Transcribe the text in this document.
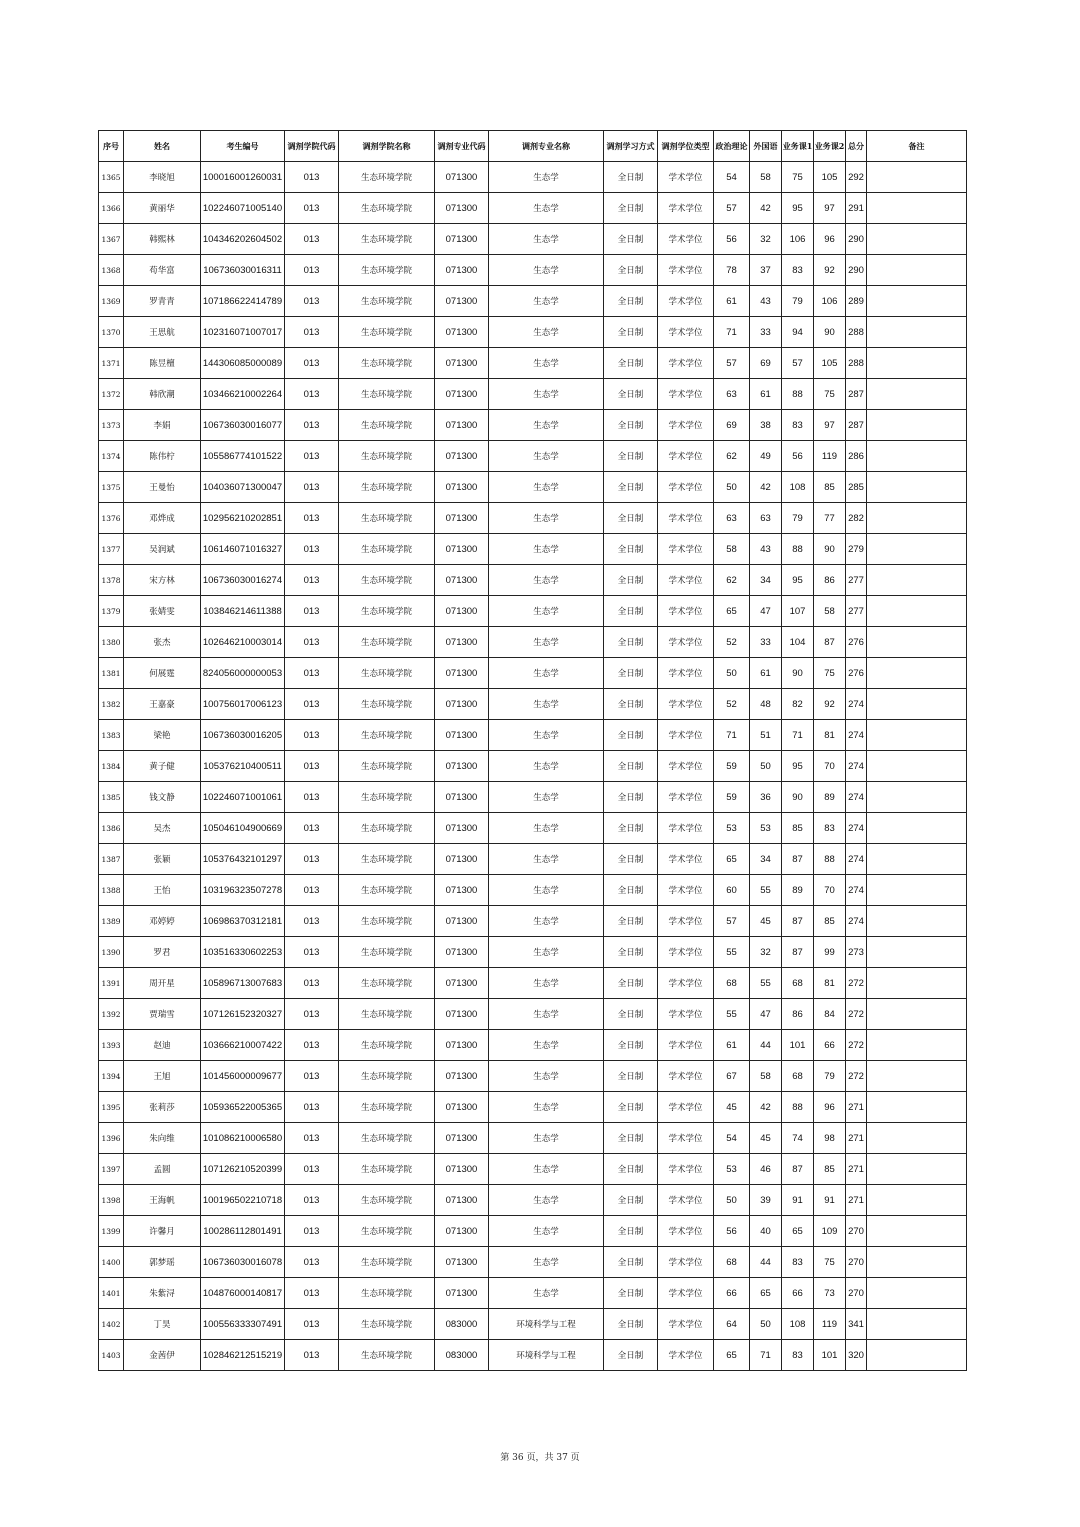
序号	姓名	考生编号	调剂学院代码	调剂学院名称	调剂专业代码	调剂专业名称	调剂学习方式	调剂学位类型	政治理论	外国语	业务课1	业务课2	总分	备注
1365	李晓旭	100016001260031	013	生态环境学院	071300	生态学	全日制	学术学位	54	58	75	105	292	
1366	黄丽华	102246071005140	013	生态环境学院	071300	生态学	全日制	学术学位	57	42	95	97	291	
1367	韩熙林	104346202604502	013	生态环境学院	071300	生态学	全日制	学术学位	56	32	106	96	290	
1368	苟华富	106736030016311	013	生态环境学院	071300	生态学	全日制	学术学位	78	37	83	92	290	
1369	罗青青	107186622414789	013	生态环境学院	071300	生态学	全日制	学术学位	61	43	79	106	289	
1370	王思航	102316071007017	013	生态环境学院	071300	生态学	全日制	学术学位	71	33	94	90	288	
1371	陈昱檀	144306085000089	013	生态环境学院	071300	生态学	全日制	学术学位	57	69	57	105	288	
1372	韩欣潮	103466210002264	013	生态环境学院	071300	生态学	全日制	学术学位	63	61	88	75	287	
1373	李娟	106736030016077	013	生态环境学院	071300	生态学	全日制	学术学位	69	38	83	97	287	
1374	陈伟柠	105586774101522	013	生态环境学院	071300	生态学	全日制	学术学位	62	49	56	119	286	
1375	王曼怡	104036071300047	013	生态环境学院	071300	生态学	全日制	学术学位	50	42	108	85	285	
1376	邓烨成	102956210202851	013	生态环境学院	071300	生态学	全日制	学术学位	63	63	79	77	282	
1377	吴润斌	106146071016327	013	生态环境学院	071300	生态学	全日制	学术学位	58	43	88	90	279	
1378	宋方林	106736030016274	013	生态环境学院	071300	生态学	全日制	学术学位	62	34	95	86	277	
1379	张婧雯	103846214611388	013	生态环境学院	071300	生态学	全日制	学术学位	65	47	107	58	277	
1380	张杰	102646210003014	013	生态环境学院	071300	生态学	全日制	学术学位	52	33	104	87	276	
1381	何展霆	824056000000053	013	生态环境学院	071300	生态学	全日制	学术学位	50	61	90	75	276	
1382	王嘉豪	100756017006123	013	生态环境学院	071300	生态学	全日制	学术学位	52	48	82	92	274	
1383	梁艳	106736030016205	013	生态环境学院	071300	生态学	全日制	学术学位	71	51	71	81	274	
1384	黄子健	105376210400511	013	生态环境学院	071300	生态学	全日制	学术学位	59	50	95	70	274	
1385	钱文静	102246071001061	013	生态环境学院	071300	生态学	全日制	学术学位	59	36	90	89	274	
1386	吴杰	105046104900669	013	生态环境学院	071300	生态学	全日制	学术学位	53	53	85	83	274	
1387	张颖	105376432101297	013	生态环境学院	071300	生态学	全日制	学术学位	65	34	87	88	274	
1388	王怡	103196323507278	013	生态环境学院	071300	生态学	全日制	学术学位	60	55	89	70	274	
1389	邓婷婷	106986370312181	013	生态环境学院	071300	生态学	全日制	学术学位	57	45	87	85	274	
1390	罗君	103516330602253	013	生态环境学院	071300	生态学	全日制	学术学位	55	32	87	99	273	
1391	周开星	105896713007683	013	生态环境学院	071300	生态学	全日制	学术学位	68	55	68	81	272	
1392	贾瑞雪	107126152320327	013	生态环境学院	071300	生态学	全日制	学术学位	55	47	86	84	272	
1393	赵迪	103666210007422	013	生态环境学院	071300	生态学	全日制	学术学位	61	44	101	66	272	
1394	王旭	101456000009677	013	生态环境学院	071300	生态学	全日制	学术学位	67	58	68	79	272	
1395	张莉莎	105936522005365	013	生态环境学院	071300	生态学	全日制	学术学位	45	42	88	96	271	
1396	朱向维	101086210006580	013	生态环境学院	071300	生态学	全日制	学术学位	54	45	74	98	271	
1397	孟圆	107126210520399	013	生态环境学院	071300	生态学	全日制	学术学位	53	46	87	85	271	
1398	王海帆	100196502210718	013	生态环境学院	071300	生态学	全日制	学术学位	50	39	91	91	271	
1399	许馨月	100286112801491	013	生态环境学院	071300	生态学	全日制	学术学位	56	40	65	109	270	
1400	郭梦瑶	106736030016078	013	生态环境学院	071300	生态学	全日制	学术学位	68	44	83	75	270	
1401	朱紫浔	104876000140817	013	生态环境学院	071300	生态学	全日制	学术学位	66	65	66	73	270	
1402	丁昊	100556333307491	013	生态环境学院	083000	环境科学与工程	全日制	学术学位	64	50	108	119	341	
1403	金茜伊	102846212515219	013	生态环境学院	083000	环境科学与工程	全日制	学术学位	65	71	83	101	320	
第 36 页，共 37 页
